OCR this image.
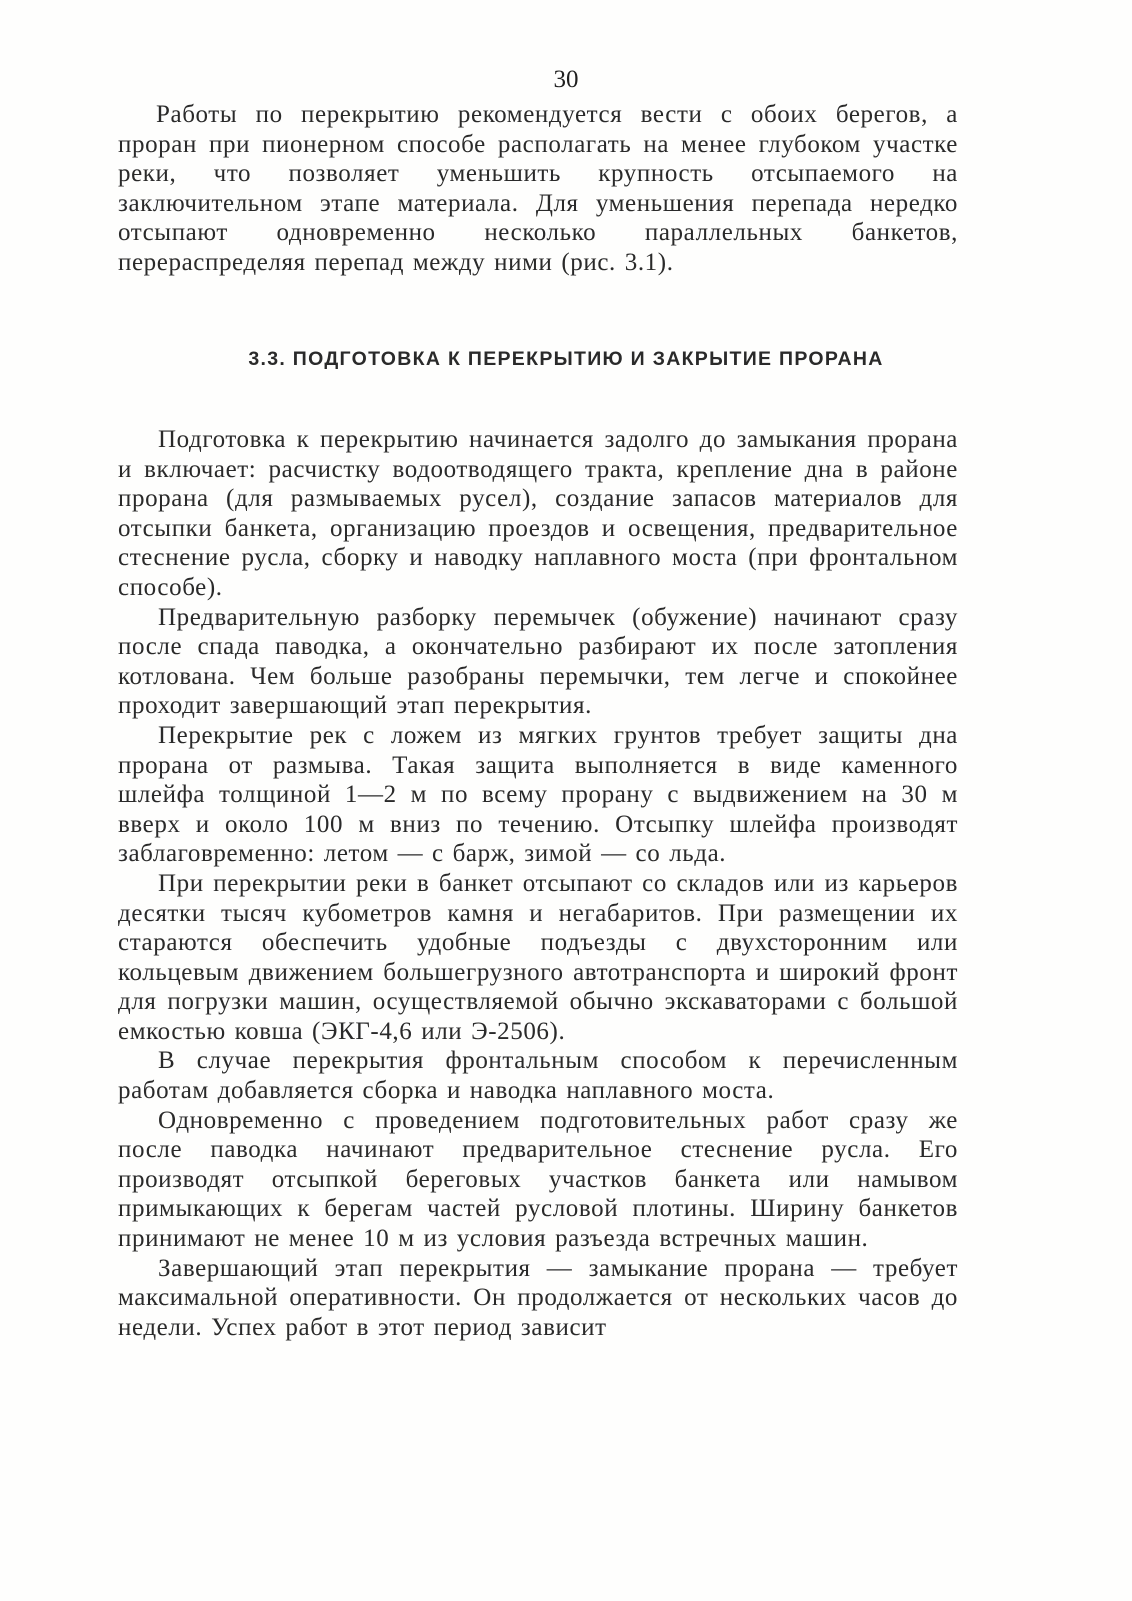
30

Работы по перекрытию рекомендуется вести с обоих берегов, а проран при пионерном способе располагать на менее глубоком участке реки, что позволяет уменьшить крупность отсыпаемого на заключительном этапе материала. Для уменьшения перепада нередко отсыпают одновременно несколько параллельных банкетов, перераспределяя перепад между ними (рис. 3.1).

3.3. ПОДГОТОВКА К ПЕРЕКРЫТИЮ И ЗАКРЫТИЕ ПРОРАНА

Подготовка к перекрытию начинается задолго до замыкания прорана и включает: расчистку водоотводящего тракта, крепление дна в районе прорана (для размываемых русел), создание запасов материалов для отсыпки банкета, организацию проездов и освещения, предварительное стеснение русла, сборку и наводку наплавного моста (при фронтальном способе).

Предварительную разборку перемычек (обужение) начинают сразу после спада паводка, а окончательно разбирают их после затопления котлована. Чем больше разобраны перемычки, тем легче и спокойнее проходит завершающий этап перекрытия.

Перекрытие рек с ложем из мягких грунтов требует защиты дна прорана от размыва. Такая защита выполняется в виде каменного шлейфа толщиной 1—2 м по всему прорану с выдвижением на 30 м вверх и около 100 м вниз по течению. Отсыпку шлейфа производят заблаговременно: летом — с барж, зимой — со льда.

При перекрытии реки в банкет отсыпают со складов или из карьеров десятки тысяч кубометров камня и негабаритов. При размещении их стараются обеспечить удобные подъезды с двухсторонним или кольцевым движением большегрузного автотранспорта и широкий фронт для погрузки машин, осуществляемой обычно экскаваторами с большой емкостью ковша (ЭКГ-4,6 или Э-2506).

В случае перекрытия фронтальным способом к перечисленным работам добавляется сборка и наводка наплавного моста.

Одновременно с проведением подготовительных работ сразу же после паводка начинают предварительное стеснение русла. Его производят отсыпкой береговых участков банкета или намывом примыкающих к берегам частей русловой плотины. Ширину банкетов принимают не менее 10 м из условия разъезда встречных машин.

Завершающий этап перекрытия — замыкание прорана — требует максимальной оперативности. Он продолжается от нескольких часов до недели. Успех работ в этот период зависит
